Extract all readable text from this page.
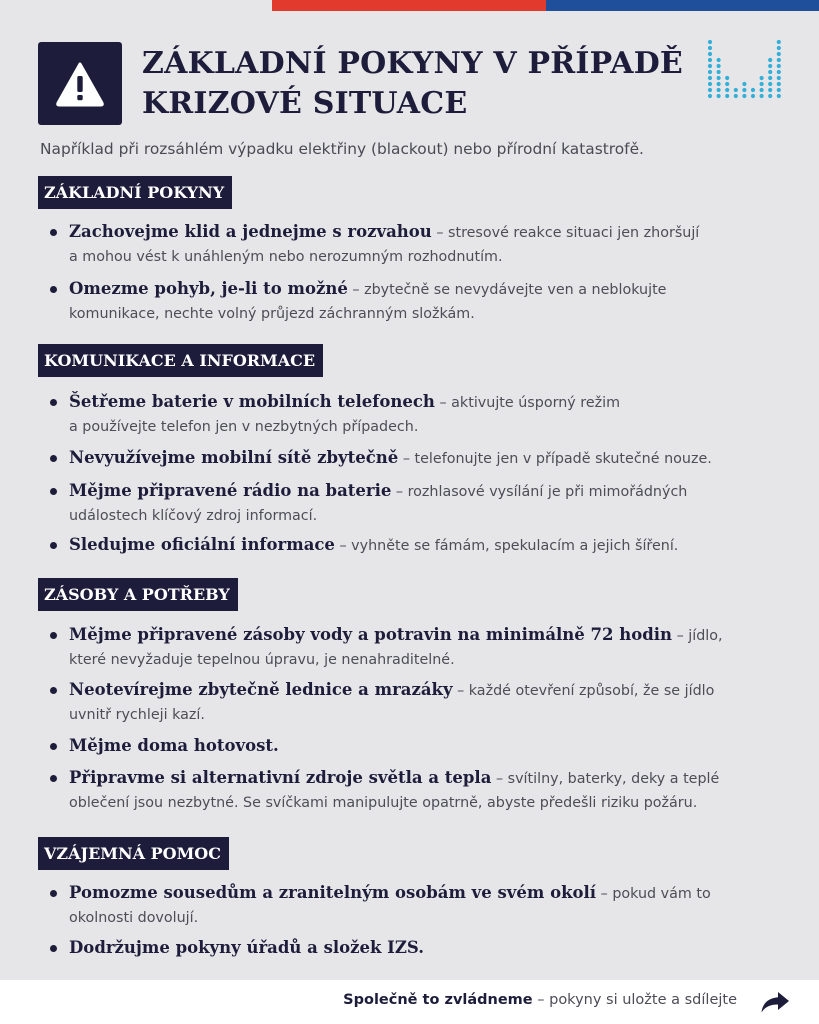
ZÁKLADNÍ POKYNY V PŘÍPADĚ
KRIZOVÉ SITUACE

Například při rozsáhlém výpadku elektřiny (blackout) nebo přírodní katastrofě.

ZÁKLADNÍ POKYNY
Zachovejme klid a jednejme s rozvahou – stresové reakce situaci jen zhoršují
a mohou vést k unáhleným nebo nerozumným rozhodnutím.
Omezme pohyb, je-li to možné – zbytečně se nevydávejte ven a neblokujte
komunikace, nechte volný průjezd záchranným složkám.
KOMUNIKACE A INFORMACE
Šetřeme baterie v mobilních telefonech – aktivujte úsporný režim
a používejte telefon jen v nezbytných případech.
Nevyužívejme mobilní sítě zbytečně – telefonujte jen v případě skutečné nouze.
Mějme připravené rádio na baterie – rozhlasové vysílání je při mimořádných
událostech klíčový zdroj informací.
Sledujme oficiální informace – vyhněte se fámám, spekulacím a jejich šíření.
ZÁSOBY A POTŘEBY
Mějme připravené zásoby vody a potravin na minimálně 72 hodin – jídlo,
které nevyžaduje tepelnou úpravu, je nenahraditelné.
Neotevírejme zbytečně lednice a mrazáky – každé otevření způsobí, že se jídlo
uvnitř rychleji kazí.
Mějme doma hotovost.
Připravme si alternativní zdroje světla a tepla – svítilny, baterky, deky a teplé
oblečení jsou nezbytné. Se svíčkami manipulujte opatrně, abyste předešli riziku požáru.
VZÁJEMNÁ POMOC
Pomozme sousedům a zranitelným osobám ve svém okolí – pokud vám to
okolnosti dovolují.
Dodržujme pokyny úřadů a složek IZS.
Společně to zvládneme – pokyny si uložte a sdílejte
